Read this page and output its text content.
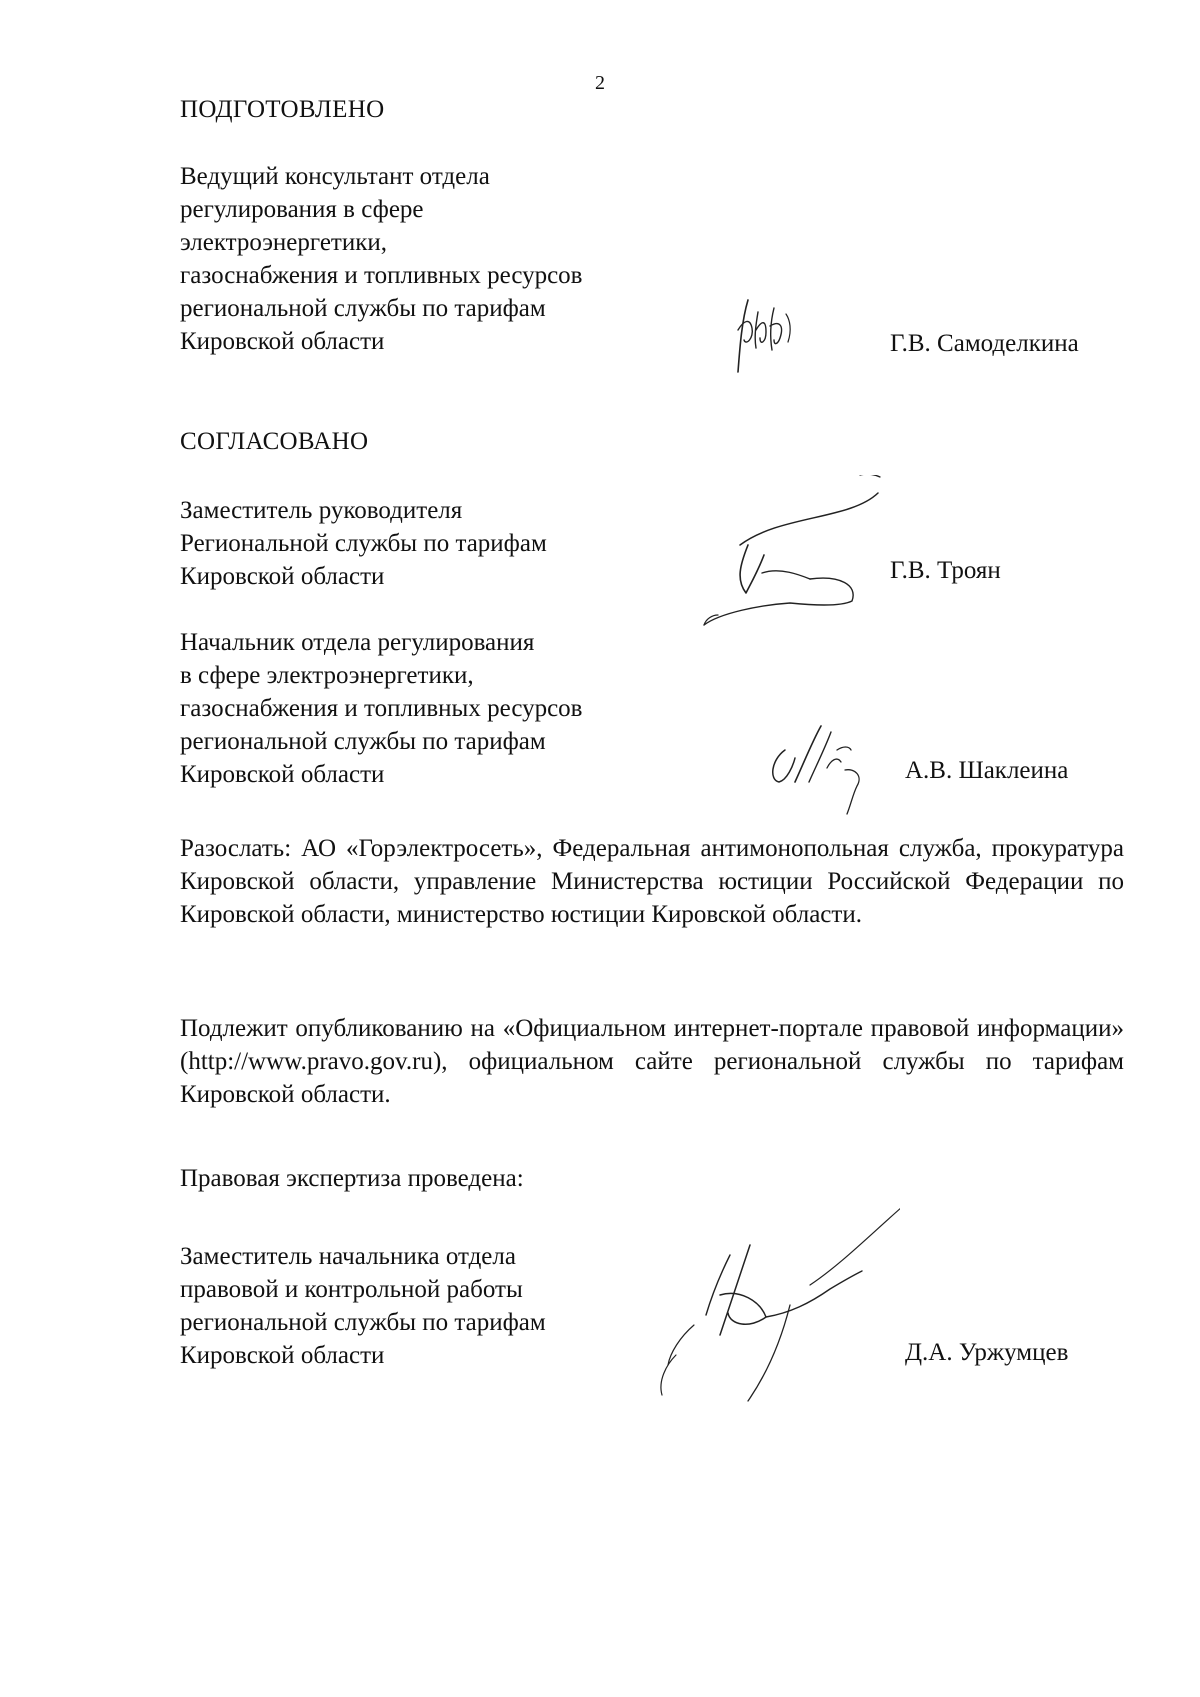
2
ПОДГОТОВЛЕНО
Ведущий консультант отдела
регулирования в сфере
электроэнергетики,
газоснабжения и топливных ресурсов
региональной службы по тарифам
Кировской области	Г.В. Самоделкина
СОГЛАСОВАНО
Заместитель руководителя
Региональной службы по тарифам
Кировской области	Г.В. Троян
Начальник отдела регулирования
в сфере электроэнергетики,
газоснабжения и топливных ресурсов
региональной службы по тарифам
Кировской области	А.В. Шаклеина
Разослать: АО «Горэлектросеть», Федеральная антимонопольная служба, прокуратура Кировской области, управление Министерства юстиции Российской Федерации по Кировской области, министерство юстиции Кировской области.
Подлежит опубликованию на «Официальном интернет-портале правовой информации» (http://www.pravo.gov.ru), официальном сайте региональной службы по тарифам Кировской области.
Правовая экспертиза проведена:
Заместитель начальника отдела
правовой и контрольной работы
региональной службы по тарифам
Кировской области	Д.А. Уржумцев
